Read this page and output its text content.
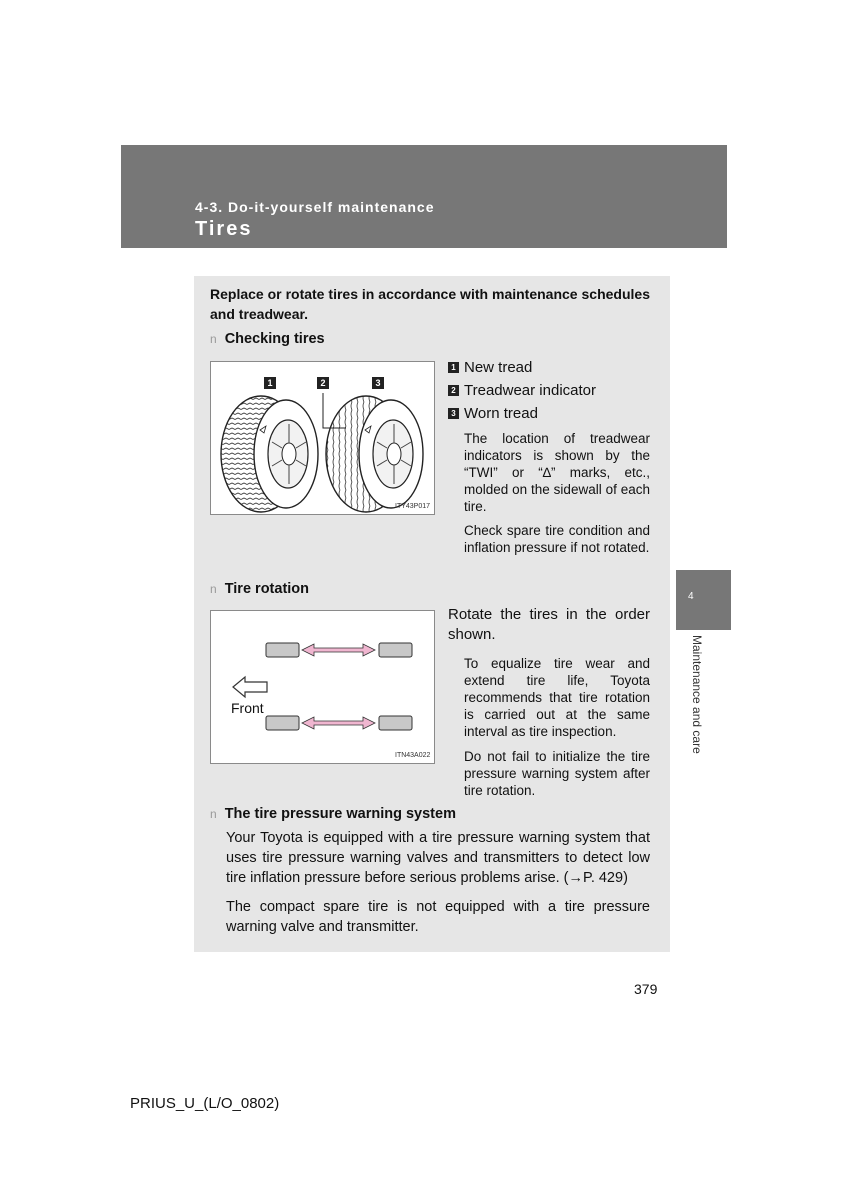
4-3. Do-it-yourself maintenance
Tires
4
Maintenance and care
Replace or rotate tires in accordance with maintenance schedules and treadwear.
n Checking tires
1	2	3
ITY43P017
1 New tread
2 Treadwear indicator
3 Worn tread
The location of treadwear indicators is shown by the “TWI” or “∆” marks, etc., molded on the sidewall of each tire.
Check spare tire condition and inflation pressure if not rotated.
n Tire rotation
Front
ITN43A022
Rotate the tires in the order shown.
To equalize tire wear and extend tire life, Toyota recommends that tire rotation is carried out at the same interval as tire inspection.
Do not fail to initialize the tire pressure warning system after tire rotation.
n The tire pressure warning system
Your Toyota is equipped with a tire pressure warning system that uses tire pressure warning valves and transmitters to detect low tire inflation pressure before serious problems arise. (→P. 429)
The compact spare tire is not equipped with a tire pressure warning valve and transmitter.
379
PRIUS_U_(L/O_0802)
